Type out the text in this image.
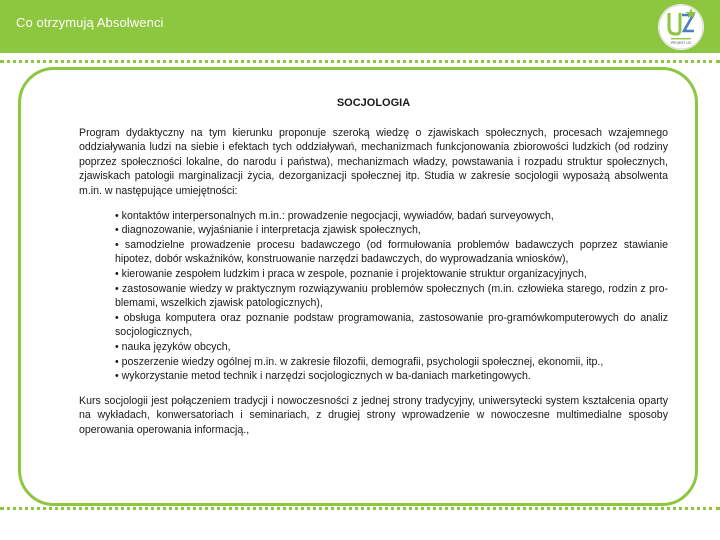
Co otrzymują Absolwenci
PROJEKT UZ
SOCJOLOGIA

Program dydaktyczny na tym kierunku proponuje szeroką wiedzę o zjawiskach społecznych, procesach wzajemnego oddziaływania ludzi na siebie i efektach tych oddziaływań, mechanizmach funkcjonowania zbiorowości ludzkich (od rodziny poprzez społeczności lokalne, do narodu i państwa), mechanizmach władzy, powstawania i rozpadu struktur społecznych, zjawiskach patologii marginalizacji życia, dezorganizacji społecznej itp. Studia w zakresie socjologii wyposażą absolwenta m.in. w następujące umiejętności:

• kontaktów interpersonalnych m.in.: prowadzenie negocjacji, wywiadów, badań surveyowych,
• diagnozowanie, wyjaśnianie i interpretacja zjawisk społecznych,
• samodzielne prowadzenie procesu badawczego (od formułowania problemów badawczych poprzez stawianie hipotez, dobór wskaźników, konstruowanie narzędzi badawczych, do wyprowadzania wniosków),
• kierowanie zespołem ludzkim i praca w zespole, poznanie i projektowanie struktur organizacyjnych,
• zastosowanie wiedzy w praktycznym rozwiązywaniu problemów społecznych (m.in. człowieka starego, rodzin z pro-blemami, wszelkich zjawisk patologicznych),
• obsługa komputera oraz poznanie podstaw programowania, zastosowanie pro-gramówkomputerowych do analiz socjologicznych,
• nauka języków obcych,
• poszerzenie wiedzy ogólnej m.in. w zakresie filozofii, demografii, psychologii społecznej, ekonomii, itp.,
• wykorzystanie metod technik i narzędzi socjologicznych w ba-daniach marketingowych.

Kurs socjologii jest połączeniem tradycji i nowoczesności z jednej strony tradycyjny, uniwersytecki system kształcenia oparty na wykładach, konwersatoriach i seminariach, z drugiej strony wprowadzenie w nowoczesne multimedialne sposoby operowania operowania informacją.,
